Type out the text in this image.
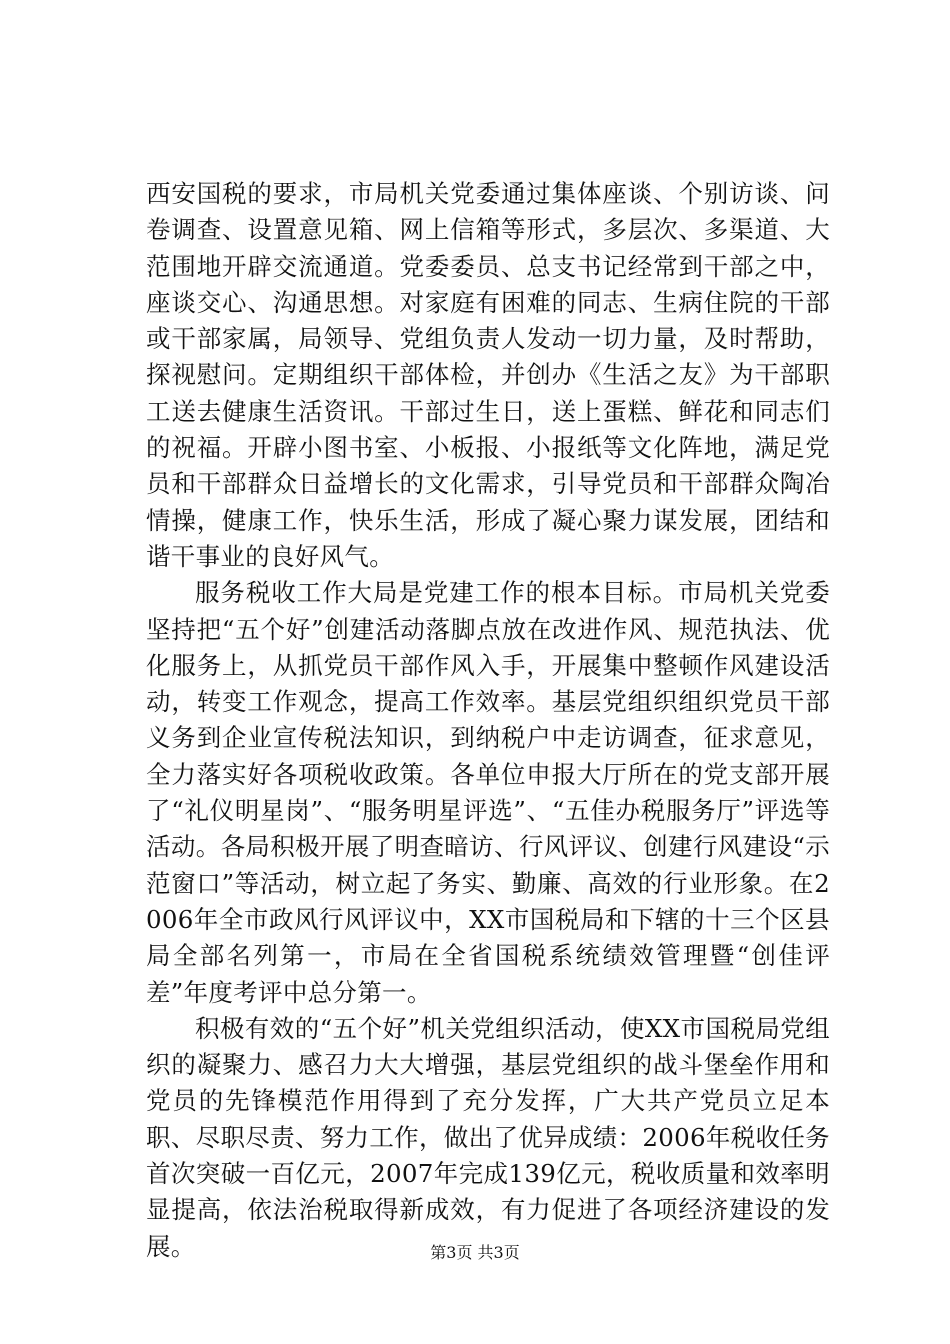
西安国税的要求，市局机关党委通过集体座谈、个别访谈、问卷调查、设置意见箱、网上信箱等形式，多层次、多渠道、大范围地开辟交流通道。党委委员、总支书记经常到干部之中，座谈交心、沟通思想。对家庭有困难的同志、生病住院的干部或干部家属，局领导、党组负责人发动一切力量，及时帮助，探视慰问。定期组织干部体检，并创办《生活之友》为干部职工送去健康生活资讯。干部过生日，送上蛋糕、鲜花和同志们的祝福。开辟小图书室、小板报、小报纸等文化阵地，满足党员和干部群众日益增长的文化需求，引导党员和干部群众陶冶情操，健康工作，快乐生活，形成了凝心聚力谋发展，团结和谐干事业的良好风气。

服务税收工作大局是党建工作的根本目标。市局机关党委坚持把“五个好”创建活动落脚点放在改进作风、规范执法、优化服务上，从抓党员干部作风入手，开展集中整顿作风建设活动，转变工作观念，提高工作效率。基层党组织组织党员干部义务到企业宣传税法知识，到纳税户中走访调查，征求意见，全力落实好各项税收政策。各单位申报大厅所在的党支部开展了“礼仪明星岗”、“服务明星评选”、“五佳办税服务厅”评选等活动。各局积极开展了明查暗访、行风评议、创建行风建设“示范窗口”等活动，树立起了务实、勤廉、高效的行业形象。在2006年全市政风行风评议中，XX市国税局和下辖的十三个区县局全部名列第一，市局在全省国税系统绩效管理暨“创佳评差”年度考评中总分第一。

积极有效的“五个好”机关党组织活动，使XX市国税局党组织的凝聚力、感召力大大增强，基层党组织的战斗堡垒作用和党员的先锋模范作用得到了充分发挥，广大共产党员立足本职、尽职尽责、努力工作，做出了优异成绩：2006年税收任务首次突破一百亿元，2007年完成139亿元，税收质量和效率明显提高，依法治税取得新成效，有力促进了各项经济建设的发展。	第3页 共3页
